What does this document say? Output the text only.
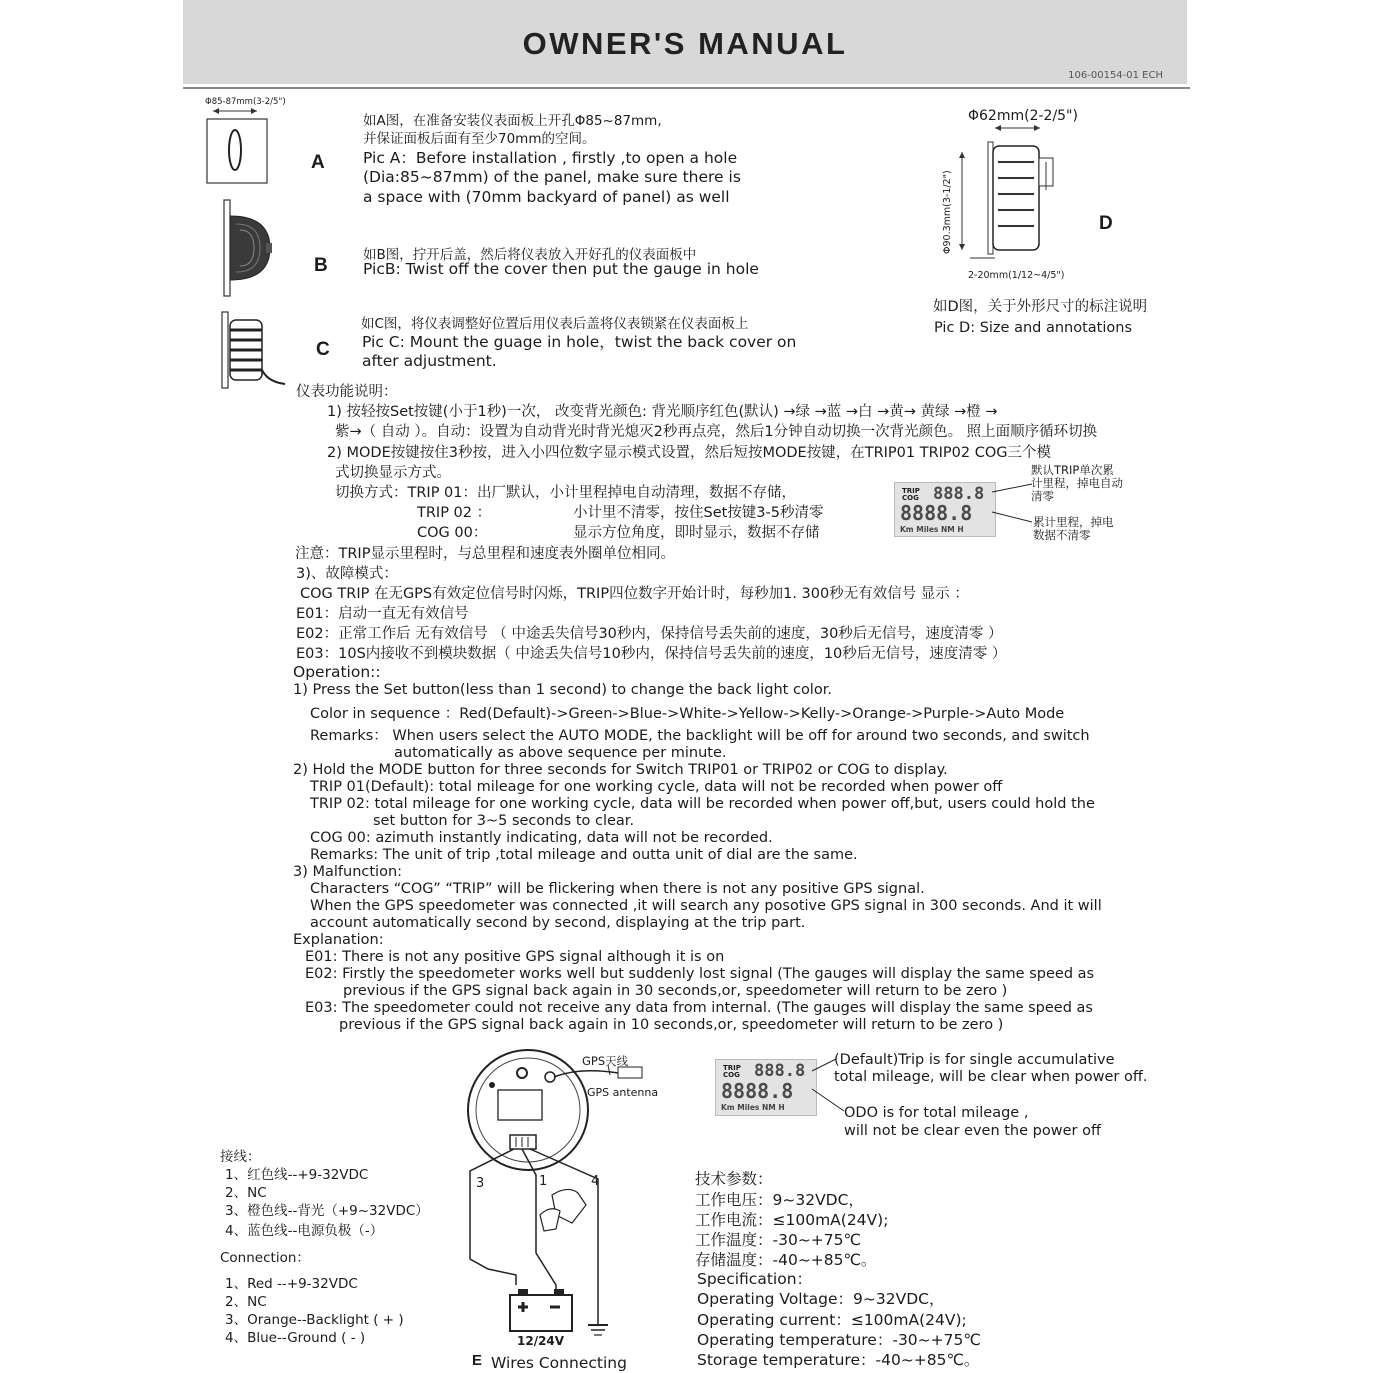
OWNER'S MANUAL
106-00154-01 ECH
Φ85-87mm(3-2/5")
A
如A图，在准备安装仪表面板上开孔Φ85~87mm,
并保证面板后面有至少70mm的空间。
Pic A：Before installation , firstly ,to open a hole
(Dia:85~87mm) of the panel, make sure there is
a space with (70mm backyard of panel) as well
B	如B图，拧开后盖，然后将仪表放入开好孔的仪表面板中
PicB: Twist off the cover then put the gauge in hole
C
如C图，将仪表调整好位置后用仪表后盖将仪表锁紧在仪表面板上
Pic C: Mount the guage in hole，twist the back cover on
after adjustment.
Φ62mm(2-2/5")
Φ90.3mm(3-1/2")
2-20mm(1/12~4/5")
D
如D图，关于外形尺寸的标注说明
Pic D: Size and annotations
仪表功能说明：
1) 按轻按Set按键(小于1秒)一次， 改变背光颜色: 背光顺序红色(默认) →绿 →蓝 →白 →黄→ 黄绿 →橙 →
紫→（ 自动 ）。自动：设置为自动背光时背光熄灭2秒再点亮，然后1分钟自动切换一次背光颜色。 照上面顺序循环切换
2) MODE按键按住3秒按，进入小四位数字显示模式设置，然后短按MODE按键，在TRIP01 TRIP02 COG三个模
式切换显示方式。
切换方式：TRIP 01：出厂默认，小计里程掉电自动清理，数据不存储，
TRIP 02 ：	小计里不清零，按住Set按键3-5秒清零
COG 00：	显示方位角度，即时显示，数据不存储
注意：TRIP显示里程时，与总里程和速度表外圈单位相同。
3)、故障模式：
COG TRIP 在无GPS有效定位信号时闪烁，TRIP四位数字开始计时，每秒加1. 300秒无有效信号 显示 ：
E01：启动一直无有效信号
E02：正常工作后 无有效信号 （ 中途丢失信号30秒内，保持信号丢失前的速度，30秒后无信号，速度清零 ）
E03：10S内接收不到模块数据（ 中途丢失信号10秒内，保持信号丢失前的速度，10秒后无信号，速度清零 ）
TRIP
COG 888.8
8888.8
Km Miles NM H
默认TRIP单次累
计里程，掉电自动
清零
累计里程，掉电
数据不清零
Operation::
1) Press the Set button(less than 1 second) to change the back light color.
Color in sequence ：Red(Default)->Green->Blue->White->Yellow->Kelly->Orange->Purple->Auto Mode
Remarks： When users select the AUTO MODE, the backlight will be off for around two seconds, and switch
automatically as above sequence per minute.
2) Hold the MODE button for three seconds for Switch TRIP01 or TRIP02 or COG to display.
TRIP 01(Default): total mileage for one working cycle, data will not be recorded when power off
TRIP 02: total mileage for one working cycle, data will be recorded when power off,but, users could hold the
set button for 3~5 seconds to clear.
COG 00: azimuth instantly indicating, data will not be recorded.
Remarks: The unit of trip ,total mileage and outta unit of dial are the same.
3) Malfunction:
Characters “COG” “TRIP” will be flickering when there is not any positive GPS signal.
When the GPS speedometer was connected ,it will search any posotive GPS signal in 300 seconds. And it will
account automatically second by second, displaying at the trip part.
Explanation:
E01: There is not any positive GPS signal although it is on
E02: Firstly the speedometer works well but suddenly lost signal (The gauges will display the same speed as
previous if the GPS signal back again in 30 seconds,or, speedometer will return to be zero )
E03: The speedometer could not receive any data from internal. (The gauges will display the same speed as
previous if the GPS signal back again in 10 seconds,or, speedometer will return to be zero )
GPS天线
GPS antenna
3	1	4
12/24V
E Wires Connecting
接线：
1、红色线--+9-32VDC
2、NC
3、橙色线--背光（+9~32VDC）
4、蓝色线--电源负极（-）
Connection：
1、Red --+9-32VDC
2、NC
3、Orange--Backlight ( + )
4、Blue--Ground ( - )
TRIP
COG 888.8
8888.8
Km Miles NM H
(Default)Trip is for single accumulative
total mileage, will be clear when power off.
ODO is for total mileage ,
will not be clear even the power off
技术参数：
工作电压：9~32VDC，
工作电流：≤100mA(24V);
工作温度：-30~+75℃
存储温度：-40~+85℃。
Specification：
Operating Voltage：9~32VDC，
Operating current：≤100mA(24V);
Operating temperature：-30~+75℃
Storage temperature：-40~+85℃。
